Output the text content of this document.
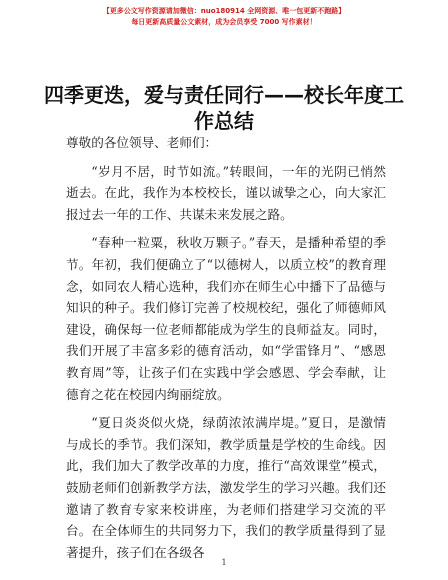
【更多公文写作资源请加微信：nuo180914 全网资源、唯一包更新不跑路】
每日更新高质量公文素材，成为会员享受 7000 写作素材！
四季更迭，爱与责任同行——校长年度工作总结

尊敬的各位领导、老师们：

“岁月不居，时节如流。”转眼间，一年的光阴已悄然逝去。在此，我作为本校校长，谨以诚挚之心，向大家汇报过去一年的工作、共谋未来发展之路。

“春种一粒粟，秋收万颗子。”春天，是播种希望的季节。年初，我们便确立了“以德树人，以质立校”的教育理念，如同农人精心选种，我们亦在师生心中播下了品德与知识的种子。我们修订完善了校规校纪，强化了师德师风建设，确保每一位老师都能成为学生的良师益友。同时，我们开展了丰富多彩的德育活动，如“学雷锋月”、“感恩教育周”等，让孩子们在实践中学会感恩、学会奉献，让德育之花在校园内绚丽绽放。

“夏日炎炎似火烧，绿荫浓浓满岸堤。”夏日，是激情与成长的季节。我们深知，教学质量是学校的生命线。因此，我们加大了教学改革的力度，推行“高效课堂”模式，鼓励老师们创新教学方法，激发学生的学习兴趣。我们还邀请了教育专家来校讲座，为老师们搭建学习交流的平台。在全体师生的共同努力下，我们的教学质量得到了显著提升，孩子们在各级各

1
